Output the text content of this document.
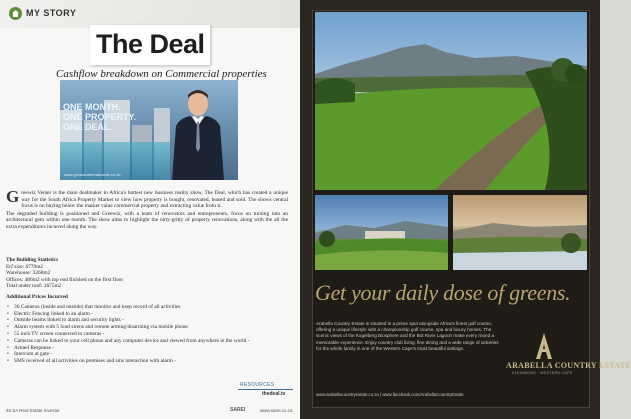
MY STORY
The Deal
Cashflow breakdown on Commercial properties
ONE MONTH.
ONE PROPERTY.
ONE DEAL.
www.grewstraterealestate.co.za

Greewiz Venter is the main dealmaker in Africa's hottest new business reality show, The Deal, which has created a unique way for the South Africa Property Market to view how property is bought, renovated, leased and sold. The shows central focus is on buying below the market value commercial property and extracting value from it.

The degraded building is positioned and Greewiz, with a team of renovators and entrepreneurs, focus on turning into an architectural gem within one month. The show aims to highlight the nitty-gritty of property renovations, along with the all the extra expenditures incurred along the way.

The Building Statistics
Erf size: 6770m2
Warehouse: 3268m2
Offices: 486m2 with top end finished on the first floor
Total under roof: 3675m2
Additional Prices Incurred
• 36 Cameras (inside and outside) that monitor and keep record of all activities
• Electric Fencing linked to an alarm -
• Outside beams linked to alarm and security lights -
• Alarm system with 5 loud sirens and remote arming/disarming via mobile phone
• 55 inch TV screen connected to cameras -
• Cameras can be linked to your cell phone and any computer device and viewed from anywhere in the world -
• Armed Response -
• Intercom at gate -
• SMS received of all activities on premises and sms interaction with alarm -
RESOURCES
thedeal.tv
46 SA Real Estate Investor	SAREI	www.sarei.co.za
Get your daily dose of greens.
Arabella Country Estate is situated in a prime spot alongside Africa's finest golf course, offering a unique lifestyle with a championship golf course, spa and luxury homes. The scenic views of the Kogelberg Biosphere and the Bot River Lagoon make every round a memorable experience. Enjoy country club living, fine dining and a wide range of activities for the whole family in one of the Western Cape's most beautiful settings.
www.arabellacountryestate.co.za | www.facebook.com/ArabellaCountryEstate
ARABELLA COUNTRY ESTATE
KLEINMOND · WESTERN CAPE
